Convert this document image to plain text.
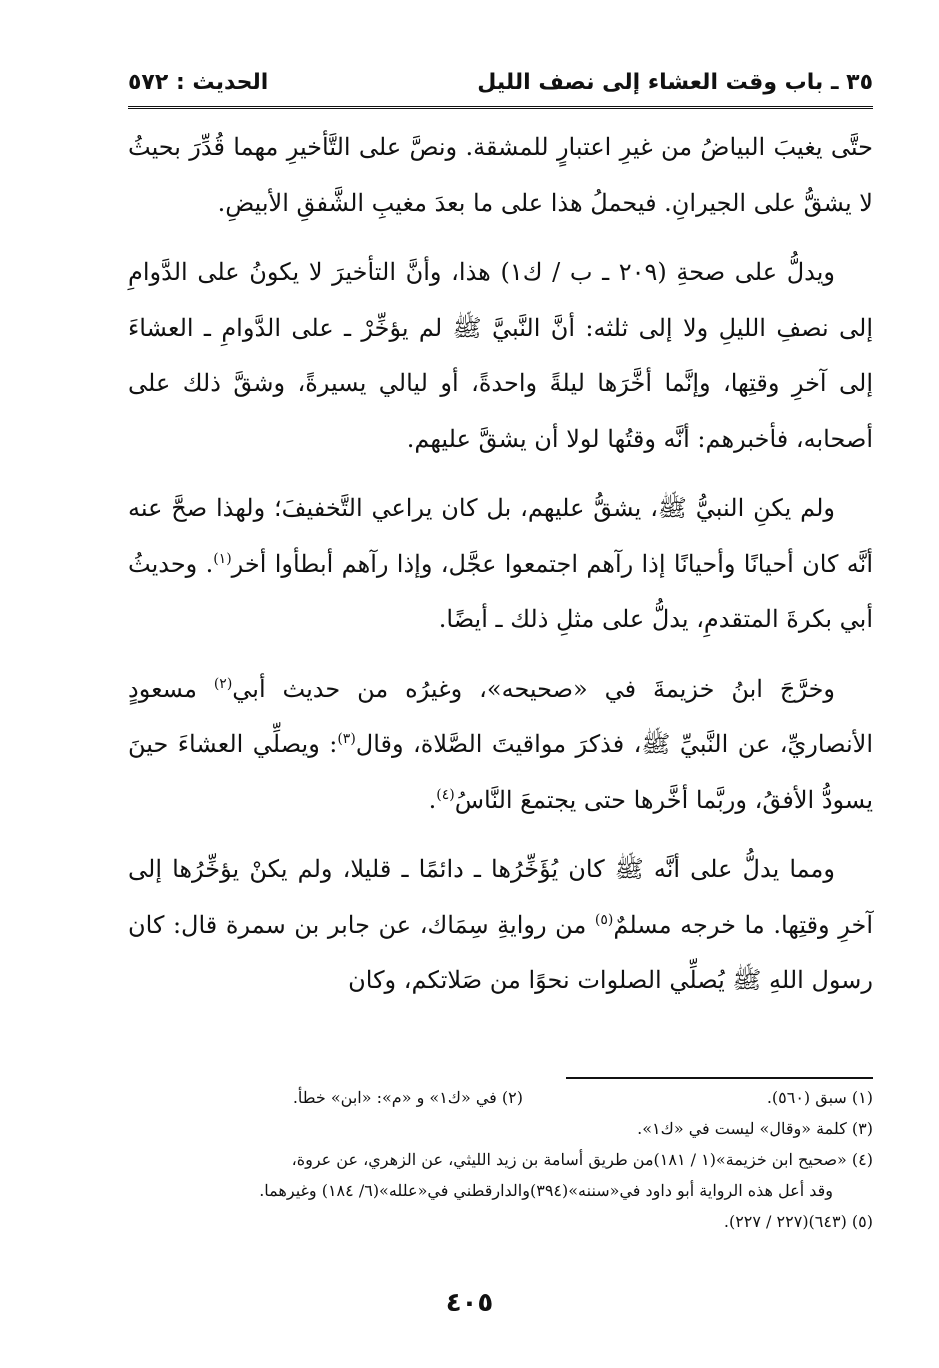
٣٥ ـ باب وقت العشاء إلى نصف الليل
الحديث : ٥٧٢

حتَّى يغيبَ البياضُ من غيرِ اعتبارٍ للمشقة. ونصَّ على التَّأخيرِ مهما قُدِّرَ بحيثُ لا يشقُّ على الجيرانِ. فيحملُ هذا على ما بعدَ مغيبِ الشَّفقِ الأبيضِ.

ويدلُّ على صحةِ (٢٠٩ ـ ب / ك١) هذا، وأنَّ التأخيرَ لا يكونُ على الدَّوامِ إلى نصفِ الليلِ ولا إلى ثلثه: أنَّ النَّبيَّ ﷺ لم يؤخِّرْ ـ على الدَّوامِ ـ العشاءَ إلى آخرِ وقتِها، وإنَّما أخَّرَها ليلةً واحدةً، أو ليالي يسيرةً، وشقَّ ذلك على أصحابه، فأخبرهم: أنَّه وقتُها لولا أن يشقَّ عليهم.

ولم يكنِ النبيُّ ﷺ، يشقُّ عليهم، بل كان يراعي التَّخفيفَ؛ ولهذا صحَّ عنه أنَّه كان أحيانًا وأحيانًا إذا رآهم اجتمعوا عجَّل، وإذا رآهم أبطأوا أخر$^{(١)}$. وحديثُ أبي بكرةَ المتقدمِ، يدلُّ على مثلِ ذلك ـ أيضًا.

وخرَّجَ ابنُ خزيمةَ في «صحيحه»، وغيرُه من حديث أبي$^{(٢)}$ مسعودٍ الأنصاريِّ، عن النَّبيِّ ﷺ، فذكرَ مواقيتَ الصَّلاة، وقال$^{(٣)}$: ويصلِّي العشاءَ حينَ يسودُّ الأفقُ، وربَّما أخَّرها حتى يجتمعَ النَّاسُ$^{(٤)}$.

ومما يدلُّ على أنَّه ﷺ كان يُؤَخِّرُها ـ دائمًا ـ قليلا، ولم يكنْ يؤخِّرُها إلى آخرِ وقتِها. ما خرجه مسلمٌ$^{(٥)}$ من روايةِ سِمَاك، عن جابر بن سمرة قال: كان رسول اللهِ ﷺ يُصلِّي الصلوات نحوًا من صَلاتكم، وكان

(١) سبق (٥٦٠).
(٢) في «ك١» و «م»: «ابن» خطأ.
(٣) كلمة «وقال» ليست في «ك١».
(٤) «صحيح ابن خزيمة»(١ / ١٨١)من طريق أسامة بن زيد الليثي، عن الزهري، عن عروة،
وقد أعل هذه الرواية أبو داود في«سننه»(٣٩٤)والدارقطني في«علله»(٦/ ١٨٤) وغيرهما.
(٥) (٦٤٣)(٢٢٧ / ٢٢٧).
٤٠٥
